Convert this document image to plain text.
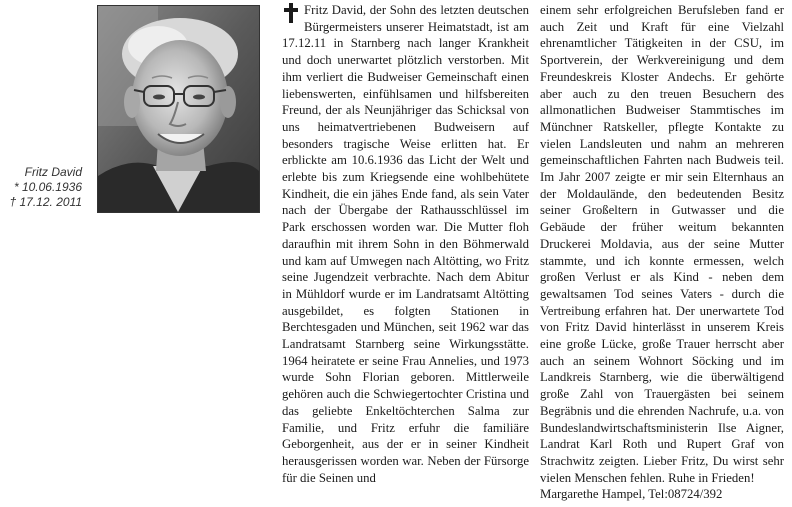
Fritz David
* 10.06.1936
† 17.12. 2011

Fritz David, der Sohn des letzten deutschen Bürgermeisters unserer Heimatstadt, ist am 17.12.11 in Starnberg nach langer Krankheit und doch unerwartet plötzlich verstorben. Mit ihm verliert die Budweiser Gemeinschaft einen liebenswerten, einfühlsamen und hilfsbereiten Freund, der als Neunjähriger das Schicksal von uns heimatvertriebenen Budweisern auf besonders tragische Weise erlitten hat. Er erblickte am 10.6.1936 das Licht der Welt und erlebte bis zum Kriegsende eine wohlbehütete Kindheit, die ein jähes Ende fand, als sein Vater nach der Übergabe der Rathausschlüssel im Park erschossen worden war. Die Mutter floh daraufhin mit ihrem Sohn in den Böhmerwald und kam auf Umwegen nach Altötting, wo Fritz seine Jugendzeit verbrachte. Nach dem Abitur in Mühldorf wurde er im Landratsamt Altötting ausgebildet, es folgten Stationen in Berchtesgaden und München, seit 1962 war das Landratsamt Starnberg seine Wirkungsstätte. 1964 heiratete er seine Frau Annelies, und 1973 wurde Sohn Florian geboren. Mittlerweile gehören auch die Schwiegertochter Cristina und das geliebte Enkeltöchterchen Salma zur Familie, und Fritz erfuhr die familiäre Geborgenheit, aus der er in seiner Kindheit herausgerissen worden war. Neben der Fürsorge für die Seinen und

einem sehr erfolgreichen Berufsleben fand er auch Zeit und Kraft für eine Vielzahl ehrenamtlicher Tätigkeiten in der CSU, im Sportverein, der Werkvereinigung und dem Freundeskreis Kloster Andechs. Er gehörte aber auch zu den treuen Besuchern des allmonatlichen Budweiser Stammtisches im Münchner Ratskeller, pflegte Kontakte zu vielen Landsleuten und nahm an mehreren gemeinschaftlichen Fahrten nach Budweis teil. Im Jahr 2007 zeigte er mir sein Elternhaus an der Moldaulände, den bedeutenden Besitz seiner Großeltern in Gutwasser und die Gebäude der früher weitum bekannten Druckerei Moldavia, aus der seine Mutter stammte, und ich konnte ermessen, welch großen Verlust er als Kind - neben dem gewaltsamen Tod seines Vaters - durch die Vertreibung erfahren hat. Der unerwartete Tod von Fritz David hinterlässt in unserem Kreis eine große Lücke, große Trauer herrscht aber auch an seinem Wohnort Söcking und im Landkreis Starnberg, wie die überwältigend große Zahl von Trauergästen bei seinem Begräbnis und die ehrenden Nachrufe, u.a. von Bundeslandwirtschaftsministerin Ilse Aigner, Landrat Karl Roth und Rupert Graf von Strachwitz zeigten. Lieber Fritz, Du wirst sehr vielen Menschen fehlen. Ruhe in Frieden!

Margarethe Hampel, Tel:08724/392
